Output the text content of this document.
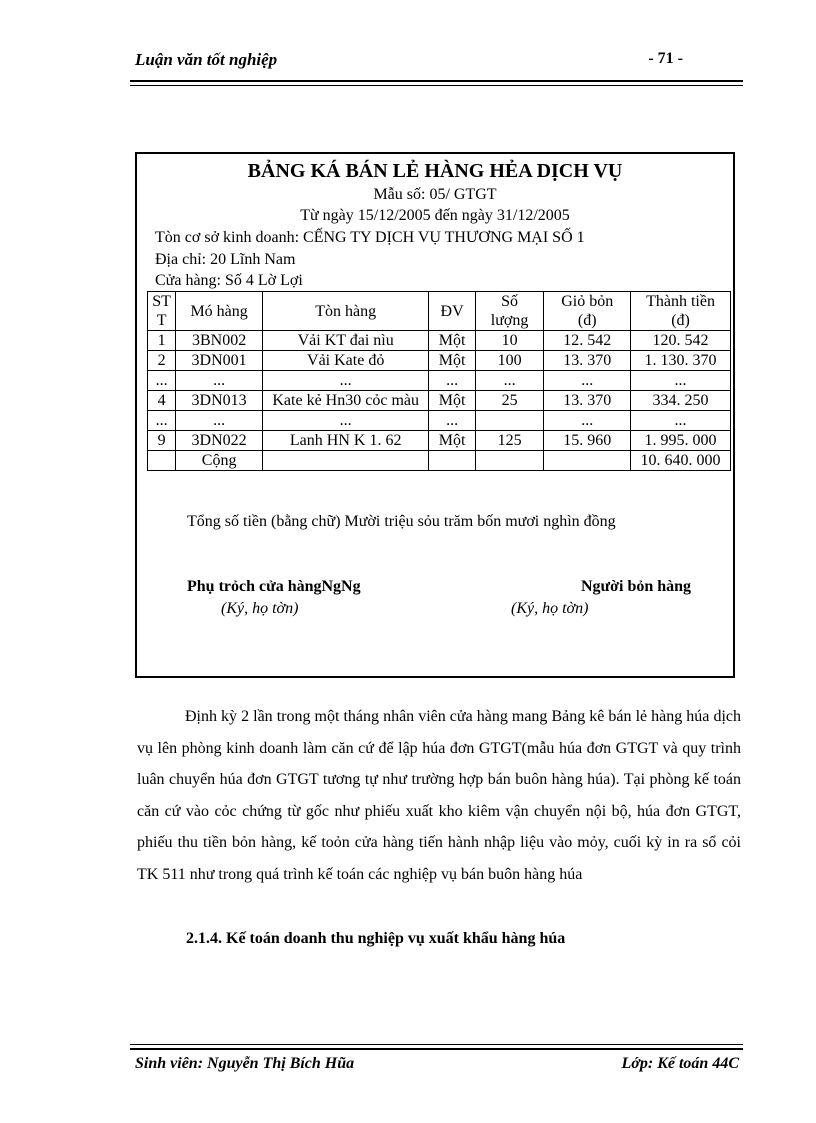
Luận văn tốt nghiệp	- 71 -
BẢNG KÁ BÁN LẺ HÀNG HẺA DỊCH VỤ
Mẫu số: 05/ GTGT
Từ ngày 15/12/2005 đến ngày 31/12/2005
Tòn cơ sở kinh doanh: CẾNG TY DỊCH VỤ THƯƠNG MẠI SỐ 1
Địa chỉ: 20 Lĩnh Nam
Cửa hàng: Số 4 Lờ Lợi
STT	Mó hàng	Tòn hàng	ĐV	Số lượng	Giỏ bỏn (đ)	Thành tiền (đ)
1	3BN002	Vải KT đai nìu	Một	10	12. 542	120. 542
2	3DN001	Vải Kate đỏ	Một	100	13. 370	1. 130. 370
...	...	...	...	...	...	...
4	3DN013	Kate kẻ Hn30 cỏc màu	Một	25	13. 370	334. 250
...	...	...	...		...	...
9	3DN022	Lanh HN K 1. 62	Một	125	15. 960	1. 995. 000
	Cộng					10. 640. 000
Tổng số tiền (bằng chữ) Mười triệu sỏu trăm bốn mươi nghìn đồng
Phụ trỏch cửa hàngNgNg
(Ký, họ tờn)
Người bỏn hàng
(Ký, họ tờn)
Định kỳ 2 lần trong một tháng nhân viên cửa hàng mang Bảng kê bán lẻ hàng húa dịch vụ lên phòng kinh doanh làm căn cứ để lập húa đơn GTGT(mẫu húa đơn GTGT và quy trình luân chuyển húa đơn GTGT tương tự như trường hợp bán buôn hàng húa). Tại phòng kế toán căn cứ vào cỏc chứng từ gốc như phiếu xuất kho kiêm vận chuyển nội bộ, húa đơn GTGT, phiếu thu tiền bỏn hàng, kế toỏn cửa hàng tiến hành nhập liệu vào mỏy, cuối kỳ in ra sổ cỏi TK 511 như trong quá trình kế toán các nghiệp vụ bán buôn hàng húa
2.1.4. Kế toán doanh thu nghiệp vụ xuất khẩu hàng húa
Sinh viên: Nguyễn Thị Bích Hũa	Lớp: Kế toán 44C
